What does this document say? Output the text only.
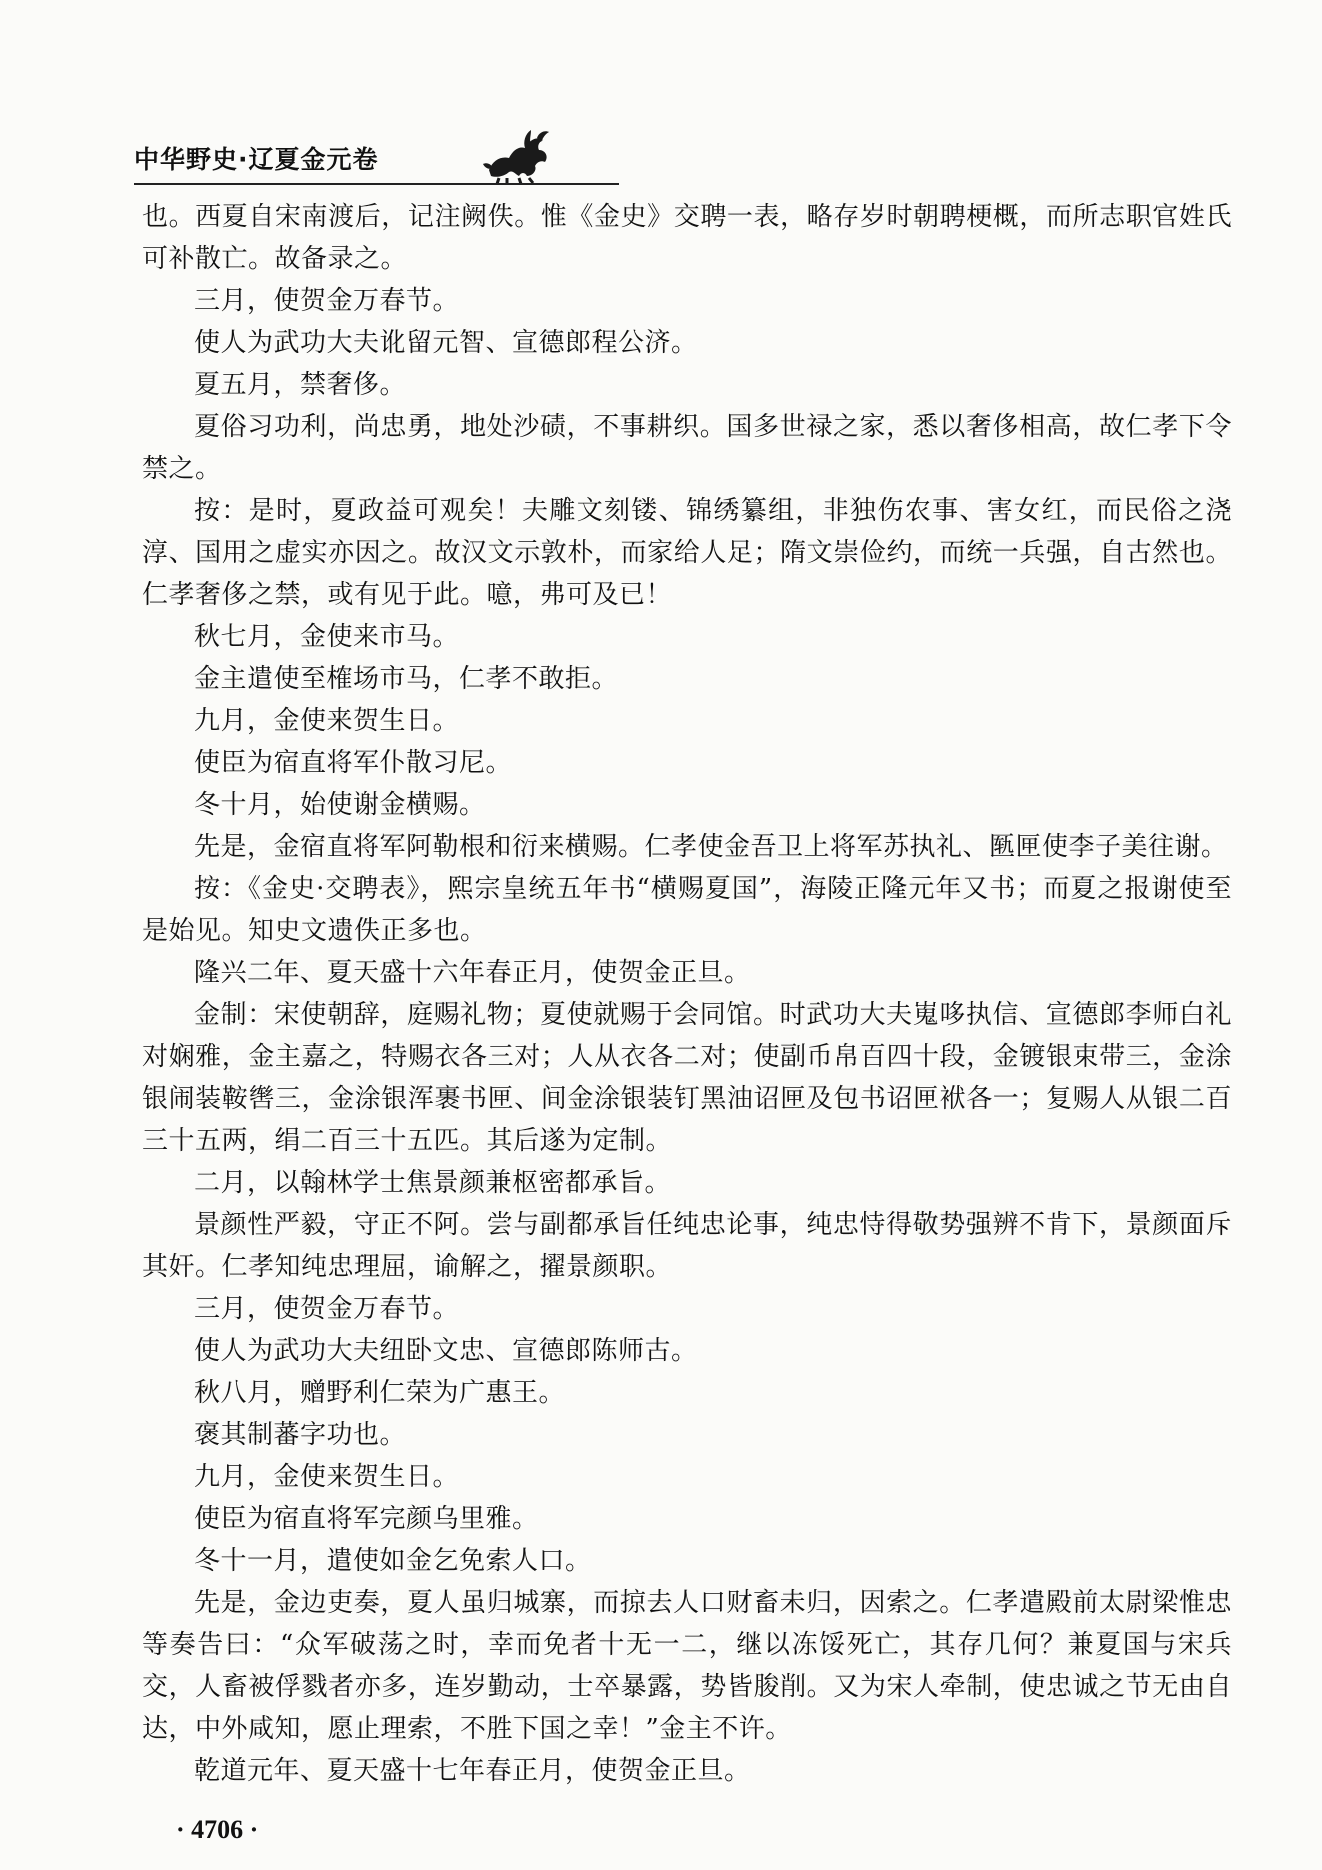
中华野史·辽夏金元卷

也。西夏自宋南渡后，记注阙佚。惟《金史》交聘一表，略存岁时朝聘梗概，而所志职官姓氏可补散亡。故备录之。

三月，使贺金万春节。

使人为武功大夫讹留元智、宣德郎程公济。

夏五月，禁奢侈。

夏俗习功利，尚忠勇，地处沙碛，不事耕织。国多世禄之家，悉以奢侈相高，故仁孝下令禁之。

按：是时，夏政益可观矣！夫雕文刻镂、锦绣纂组，非独伤农事、害女红，而民俗之浇淳、国用之虚实亦因之。故汉文示敦朴，而家给人足；隋文崇俭约，而统一兵强，自古然也。仁孝奢侈之禁，或有见于此。噫，弗可及已！

秋七月，金使来市马。

金主遣使至榷场市马，仁孝不敢拒。

九月，金使来贺生日。

使臣为宿直将军仆散习尼。

冬十月，始使谢金横赐。

先是，金宿直将军阿勒根和衍来横赐。仁孝使金吾卫上将军苏执礼、匦匣使李子美往谢。

按：《金史·交聘表》，熙宗皇统五年书“横赐夏国”，海陵正隆元年又书；而夏之报谢使至是始见。知史文遗佚正多也。

隆兴二年、夏天盛十六年春正月，使贺金正旦。

金制：宋使朝辞，庭赐礼物；夏使就赐于会同馆。时武功大夫嵬哆执信、宣德郎李师白礼对娴雅，金主嘉之，特赐衣各三对；人从衣各二对；使副币帛百四十段，金镀银束带三，金涂银闹装鞍辔三，金涂银浑裹书匣、间金涂银装钉黑油诏匣及包书诏匣袱各一；复赐人从银二百三十五两，绢二百三十五匹。其后遂为定制。

二月，以翰林学士焦景颜兼枢密都承旨。

景颜性严毅，守正不阿。尝与副都承旨任纯忠论事，纯忠恃得敬势强辨不肯下，景颜面斥其奸。仁孝知纯忠理屈，谕解之，擢景颜职。

三月，使贺金万春节。

使人为武功大夫纽卧文忠、宣德郎陈师古。

秋八月，赠野利仁荣为广惠王。

褒其制蕃字功也。

九月，金使来贺生日。

使臣为宿直将军完颜乌里雅。

冬十一月，遣使如金乞免索人口。

先是，金边吏奏，夏人虽归城寨，而掠去人口财畜未归，因索之。仁孝遣殿前太尉梁惟忠等奏告曰：“众军破荡之时，幸而免者十无一二，继以冻馁死亡，其存几何？兼夏国与宋兵交，人畜被俘戮者亦多，连岁勤动，士卒暴露，势皆朘削。又为宋人牵制，使忠诚之节无由自达，中外咸知，愿止理索，不胜下国之幸！”金主不许。

乾道元年、夏天盛十七年春正月，使贺金正旦。

· 4706 ·
